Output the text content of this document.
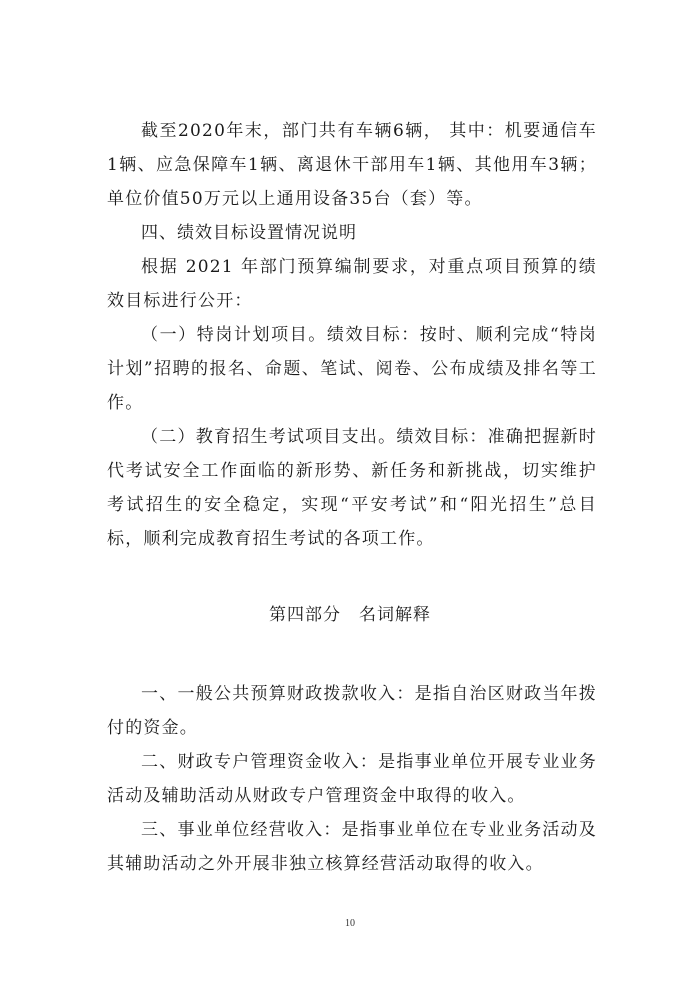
截至2020年末，部门共有车辆6辆， 其中：机要通信车1辆、应急保障车1辆、离退休干部用车1辆、其他用车3辆；单位价值50万元以上通用设备35台（套）等。

四、绩效目标设置情况说明

根据 2021 年部门预算编制要求，对重点项目预算的绩效目标进行公开：

（一）特岗计划项目。绩效目标：按时、顺利完成“特岗计划”招聘的报名、命题、笔试、阅卷、公布成绩及排名等工作。

（二）教育招生考试项目支出。绩效目标：准确把握新时代考试安全工作面临的新形势、新任务和新挑战，切实维护考试招生的安全稳定，实现“平安考试”和“阳光招生”总目标，顺利完成教育招生考试的各项工作。

第四部分　名词解释

一、一般公共预算财政拨款收入：是指自治区财政当年拨付的资金。

二、财政专户管理资金收入：是指事业单位开展专业业务活动及辅助活动从财政专户管理资金中取得的收入。

三、事业单位经营收入：是指事业单位在专业业务活动及其辅助活动之外开展非独立核算经营活动取得的收入。

10
